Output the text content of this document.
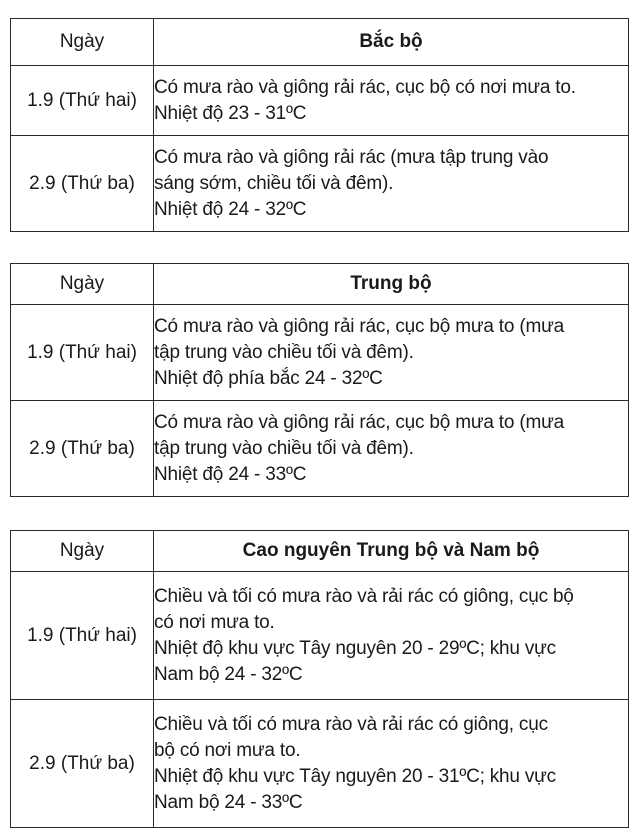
Ngày	Bắc bộ
1.9 (Thứ hai)	Có mưa rào và giông rải rác, cục bộ có nơi mưa to.
Nhiệt độ 23 - 31ºC

2.9 (Thứ ba)	Có mưa rào và giông rải rác (mưa tập trung vào
sáng sớm, chiều tối và đêm).
Nhiệt độ 24 - 32ºC
Ngày	Trung bộ
1.9 (Thứ hai)	Có mưa rào và giông rải rác, cục bộ mưa to (mưa
tập trung vào chiều tối và đêm).
Nhiệt độ phía bắc 24 - 32ºC

2.9 (Thứ ba)	Có mưa rào và giông rải rác, cục bộ mưa to (mưa
tập trung vào chiều tối và đêm).
Nhiệt độ 24 - 33ºC
Ngày	Cao nguyên Trung bộ và Nam bộ
1.9 (Thứ hai)	Chiều và tối có mưa rào và rải rác có giông, cục bộ
có nơi mưa to.
Nhiệt độ khu vực Tây nguyên 20 - 29ºC; khu vực
Nam bộ 24 - 32ºC

2.9 (Thứ ba)	Chiều và tối có mưa rào và rải rác có giông, cục
bộ có nơi mưa to.
Nhiệt độ khu vực Tây nguyên 20 - 31ºC; khu vực
Nam bộ 24 - 33ºC
